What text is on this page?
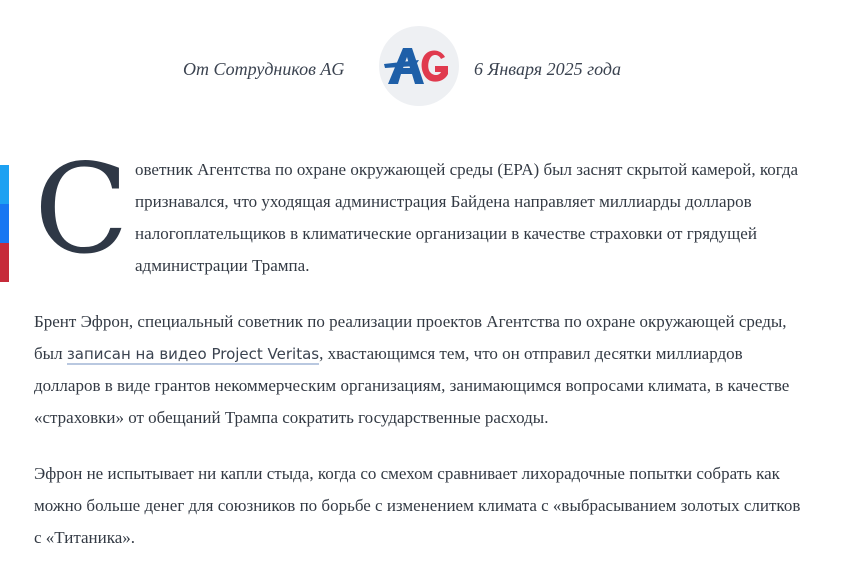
От Сотрудников AG	6 Января 2025 года
С оветник Агентства по охране окружающей среды (EPA) был заснят скрытой камерой, когда признавался, что уходящая администрация Байдена направляет миллиарды долларов налогоплательщиков в климатические организации в качестве страховки от грядущей администрации Трампа.

Брент Эфрон, специальный советник по реализации проектов Агентства по охране окружающей среды, был записан на видео Project Veritas, хвастающимся тем, что он отправил десятки миллиардов долларов в виде грантов некоммерческим организациям, занимающимся вопросами климата, в качестве «страховки» от обещаний Трампа сократить государственные расходы.

Эфрон не испытывает ни капли стыда, когда со смехом сравнивает лихорадочные попытки собрать как можно больше денег для союзников по борьбе с изменением климата с «выбрасыванием золотых слитков с «Титаника».
